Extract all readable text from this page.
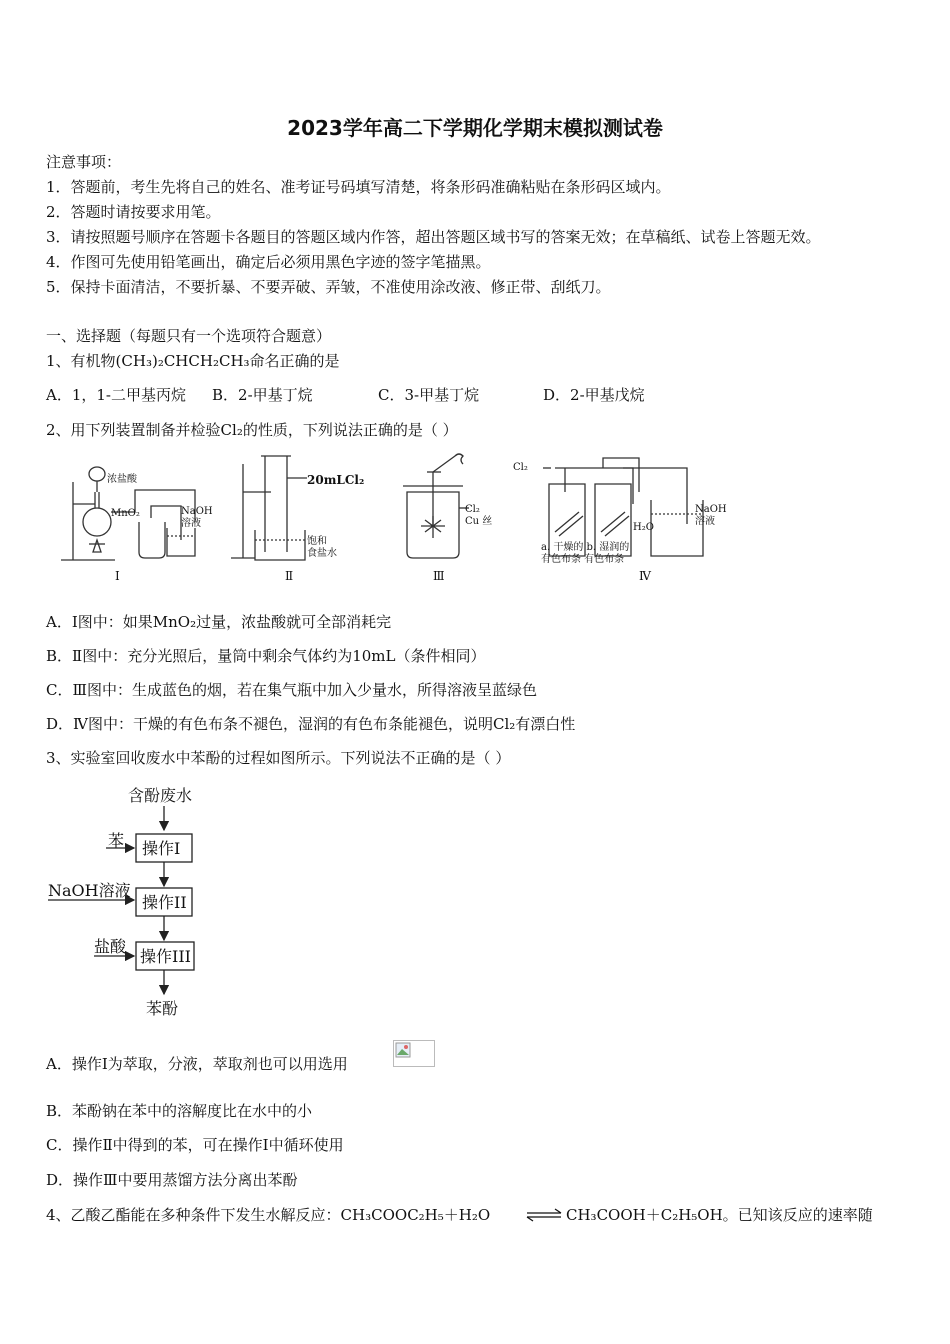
2023学年高二下学期化学期末模拟测试卷
注意事项：
1．答题前，考生先将自己的姓名、准考证号码填写清楚，将条形码准确粘贴在条形码区域内。
2．答题时请按要求用笔。
3．请按照题号顺序在答题卡各题目的答题区域内作答，超出答题区域书写的答案无效；在草稿纸、试卷上答题无效。
4．作图可先使用铅笔画出，确定后必须用黑色字迹的签字笔描黑。
5．保持卡面清洁，不要折暴、不要弄破、弄皱，不准使用涂改液、修正带、刮纸刀。
一、选择题（每题只有一个选项符合题意）
1、有机物(CH₃)₂CHCH₂CH₃命名正确的是
A．1，1-二甲基丙烷 B．2-甲基丁烷	C．3-甲基丁烷	D．2-甲基戊烷
2、用下列装置制备并检验Cl₂的性质，下列说法正确的是（ ）
浓盐酸
MnO₂	NaOH
溶液
20mLCl₂
饱和
食盐水
Cl₂
Cu 丝
Cl₂
H₂O
NaOH
溶液
a. 干燥的 b. 湿润的
有色布条 有色布条
Ⅰ	Ⅱ	Ⅲ	Ⅳ
A．Ⅰ图中：如果MnO₂过量，浓盐酸就可全部消耗完
B．Ⅱ图中：充分光照后，量筒中剩余气体约为10mL（条件相同）
C．Ⅲ图中：生成蓝色的烟，若在集气瓶中加入少量水，所得溶液呈蓝绿色
D．Ⅳ图中：干燥的有色布条不褪色，湿润的有色布条能褪色，说明Cl₂有漂白性
3、实验室回收废水中苯酚的过程如图所示。下列说法不正确的是（ ）
含酚废水
苯
NaOH溶液
盐酸
操作I
操作II
操作III
苯酚
A．操作Ⅰ为萃取，分液，萃取剂也可以用选用
B．苯酚钠在苯中的溶解度比在水中的小
C．操作Ⅱ中得到的苯，可在操作Ⅰ中循环使用
D．操作Ⅲ中要用蒸馏方法分离出苯酚
4、乙酸乙酯能在多种条件下发生水解反应：CH₃COOC₂H₅＋H₂O ⇌ CH₃COOH＋C₂H₅OH。已知该反应的速率随
